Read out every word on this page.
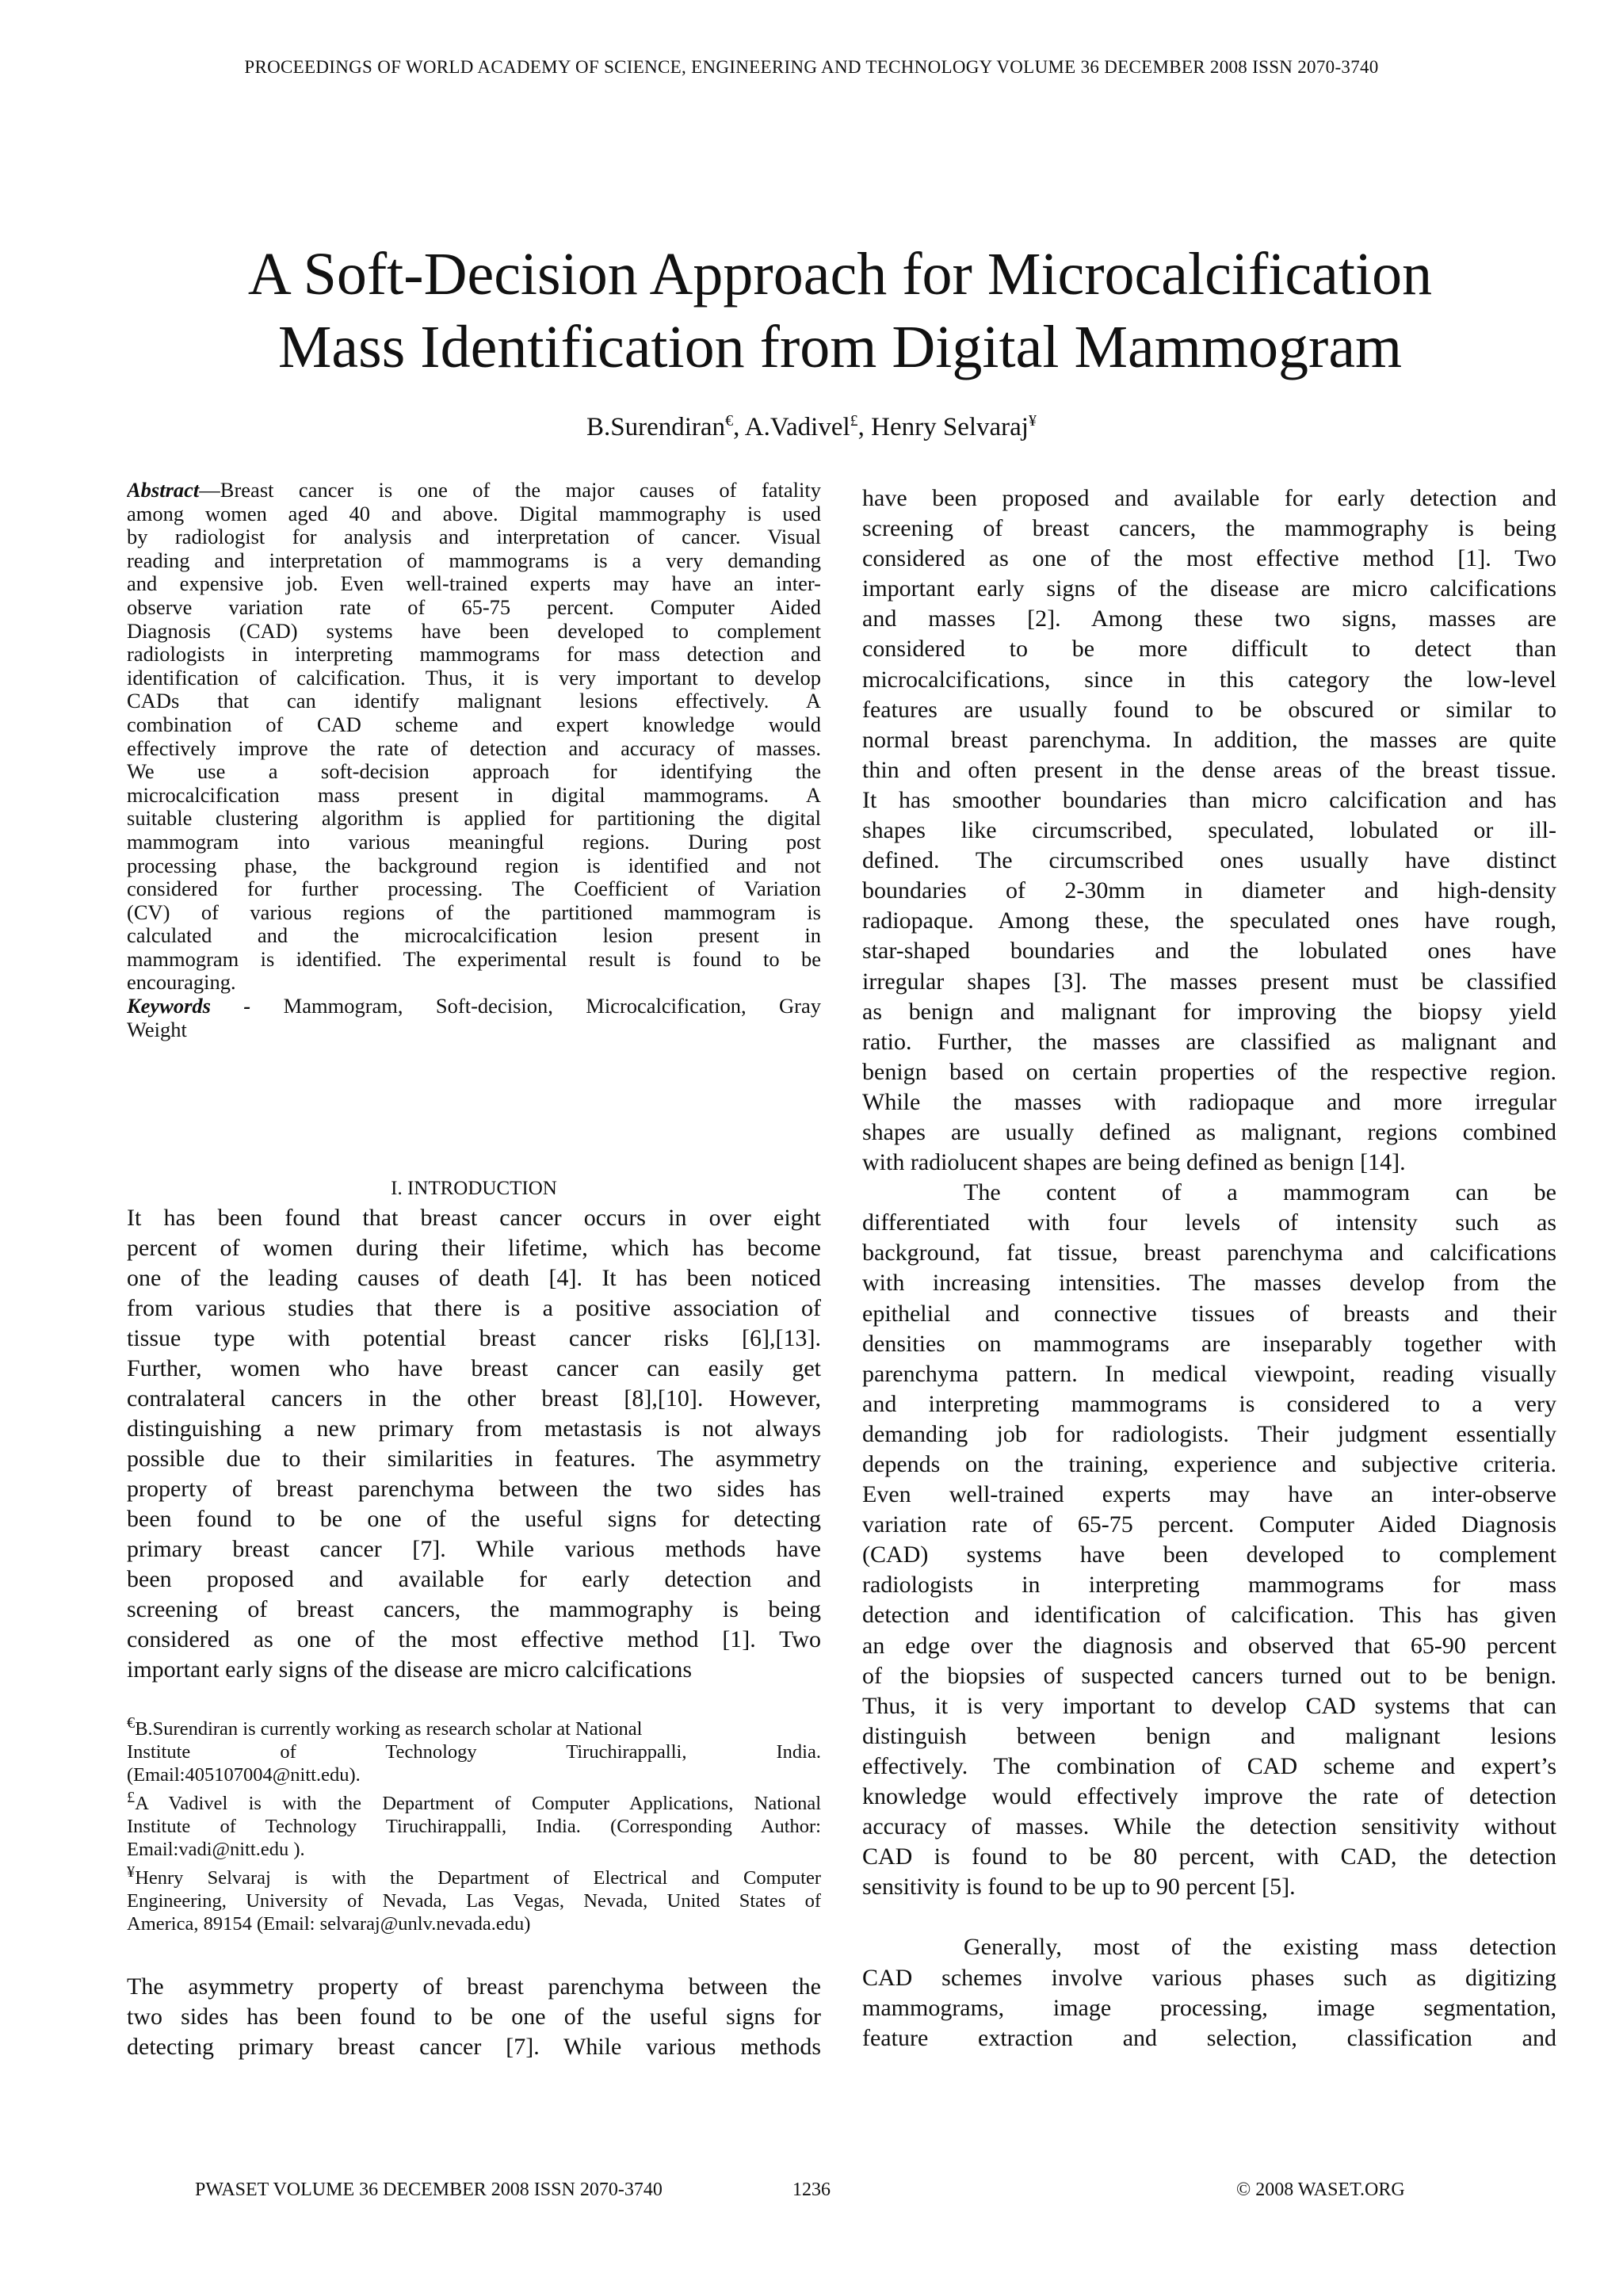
PROCEEDINGS OF WORLD ACADEMY OF SCIENCE, ENGINEERING AND TECHNOLOGY VOLUME 36 DECEMBER 2008 ISSN 2070-3740
A Soft-Decision Approach for Microcalcification
Mass Identification from Digital Mammogram
B.Surendiran€, A.Vadivel£, Henry Selvaraj¥
Abstract—Breast cancer is one of the major causes of fatality
among women aged 40 and above. Digital mammography is used
by radiologist for analysis and interpretation of cancer. Visual
reading and interpretation of mammograms is a very demanding
and expensive job. Even well-trained experts may have an inter-
observe variation rate of 65-75 percent. Computer Aided
Diagnosis (CAD) systems have been developed to complement
radiologists in interpreting mammograms for mass detection and
identification of calcification. Thus, it is very important to develop
CADs that can identify malignant lesions effectively. A
combination of CAD scheme and expert knowledge would
effectively improve the rate of detection and accuracy of masses.
We use a soft-decision approach for identifying the
microcalcification mass present in digital mammograms. A
suitable clustering algorithm is applied for partitioning the digital
mammogram into various meaningful regions. During post
processing phase, the background region is identified and not
considered for further processing. The Coefficient of Variation
(CV) of various regions of the partitioned mammogram is
calculated and the microcalcification lesion present in
mammogram is identified. The experimental result is found to be
encouraging.
Keywords - Mammogram, Soft-decision, Microcalcification, Gray
Weight
I. INTRODUCTION
It has been found that breast cancer occurs in over eight
percent of women during their lifetime, which has become
one of the leading causes of death [4]. It has been noticed
from various studies that there is a positive association of
tissue type with potential breast cancer risks [6],[13].
Further, women who have breast cancer can easily get
contralateral cancers in the other breast [8],[10]. However,
distinguishing a new primary from metastasis is not always
possible due to their similarities in features. The asymmetry
property of breast parenchyma between the two sides has
been found to be one of the useful signs for detecting
primary breast cancer [7]. While various methods have
been proposed and available for early detection and
screening of breast cancers, the mammography is being
considered as one of the most effective method [1]. Two
important early signs of the disease are micro calcifications
€B.Surendiran is currently working as research scholar at National
Institute of Technology Tiruchirappalli, India.
(Email:405107004@nitt.edu).
£A Vadivel is with the Department of Computer Applications, National
Institute of Technology Tiruchirappalli, India. (Corresponding Author:
Email:vadi@nitt.edu ).
¥Henry Selvaraj is with the Department of Electrical and Computer
Engineering, University of Nevada, Las Vegas, Nevada, United States of
America, 89154 (Email: selvaraj@unlv.nevada.edu)
The asymmetry property of breast parenchyma between the
two sides has been found to be one of the useful signs for
detecting primary breast cancer [7]. While various methods
have been proposed and available for early detection and
screening of breast cancers, the mammography is being
considered as one of the most effective method [1]. Two
important early signs of the disease are micro calcifications
and masses [2]. Among these two signs, masses are
considered to be more difficult to detect than
microcalcifications, since in this category the low-level
features are usually found to be obscured or similar to
normal breast parenchyma. In addition, the masses are quite
thin and often present in the dense areas of the breast tissue.
It has smoother boundaries than micro calcification and has
shapes like circumscribed, speculated, lobulated or ill-
defined. The circumscribed ones usually have distinct
boundaries of 2-30mm in diameter and high-density
radiopaque. Among these, the speculated ones have rough,
star-shaped boundaries and the lobulated ones have
irregular shapes [3]. The masses present must be classified
as benign and malignant for improving the biopsy yield
ratio. Further, the masses are classified as malignant and
benign based on certain properties of the respective region.
While the masses with radiopaque and more irregular
shapes are usually defined as malignant, regions combined
with radiolucent shapes are being defined as benign [14].
The content of a mammogram can be
differentiated with four levels of intensity such as
background, fat tissue, breast parenchyma and calcifications
with increasing intensities. The masses develop from the
epithelial and connective tissues of breasts and their
densities on mammograms are inseparably together with
parenchyma pattern. In medical viewpoint, reading visually
and interpreting mammograms is considered to a very
demanding job for radiologists. Their judgment essentially
depends on the training, experience and subjective criteria.
Even well-trained experts may have an inter-observe
variation rate of 65-75 percent. Computer Aided Diagnosis
(CAD) systems have been developed to complement
radiologists in interpreting mammograms for mass
detection and identification of calcification. This has given
an edge over the diagnosis and observed that 65-90 percent
of the biopsies of suspected cancers turned out to be benign.
Thus, it is very important to develop CAD systems that can
distinguish between benign and malignant lesions
effectively. The combination of CAD scheme and expert’s
knowledge would effectively improve the rate of detection
accuracy of masses. While the detection sensitivity without
CAD is found to be 80 percent, with CAD, the detection
sensitivity is found to be up to 90 percent [5].
Generally, most of the existing mass detection
CAD schemes involve various phases such as digitizing
mammograms, image processing, image segmentation,
feature extraction and selection, classification and
PWASET VOLUME 36 DECEMBER 2008 ISSN 2070-3740	1236	© 2008 WASET.ORG
